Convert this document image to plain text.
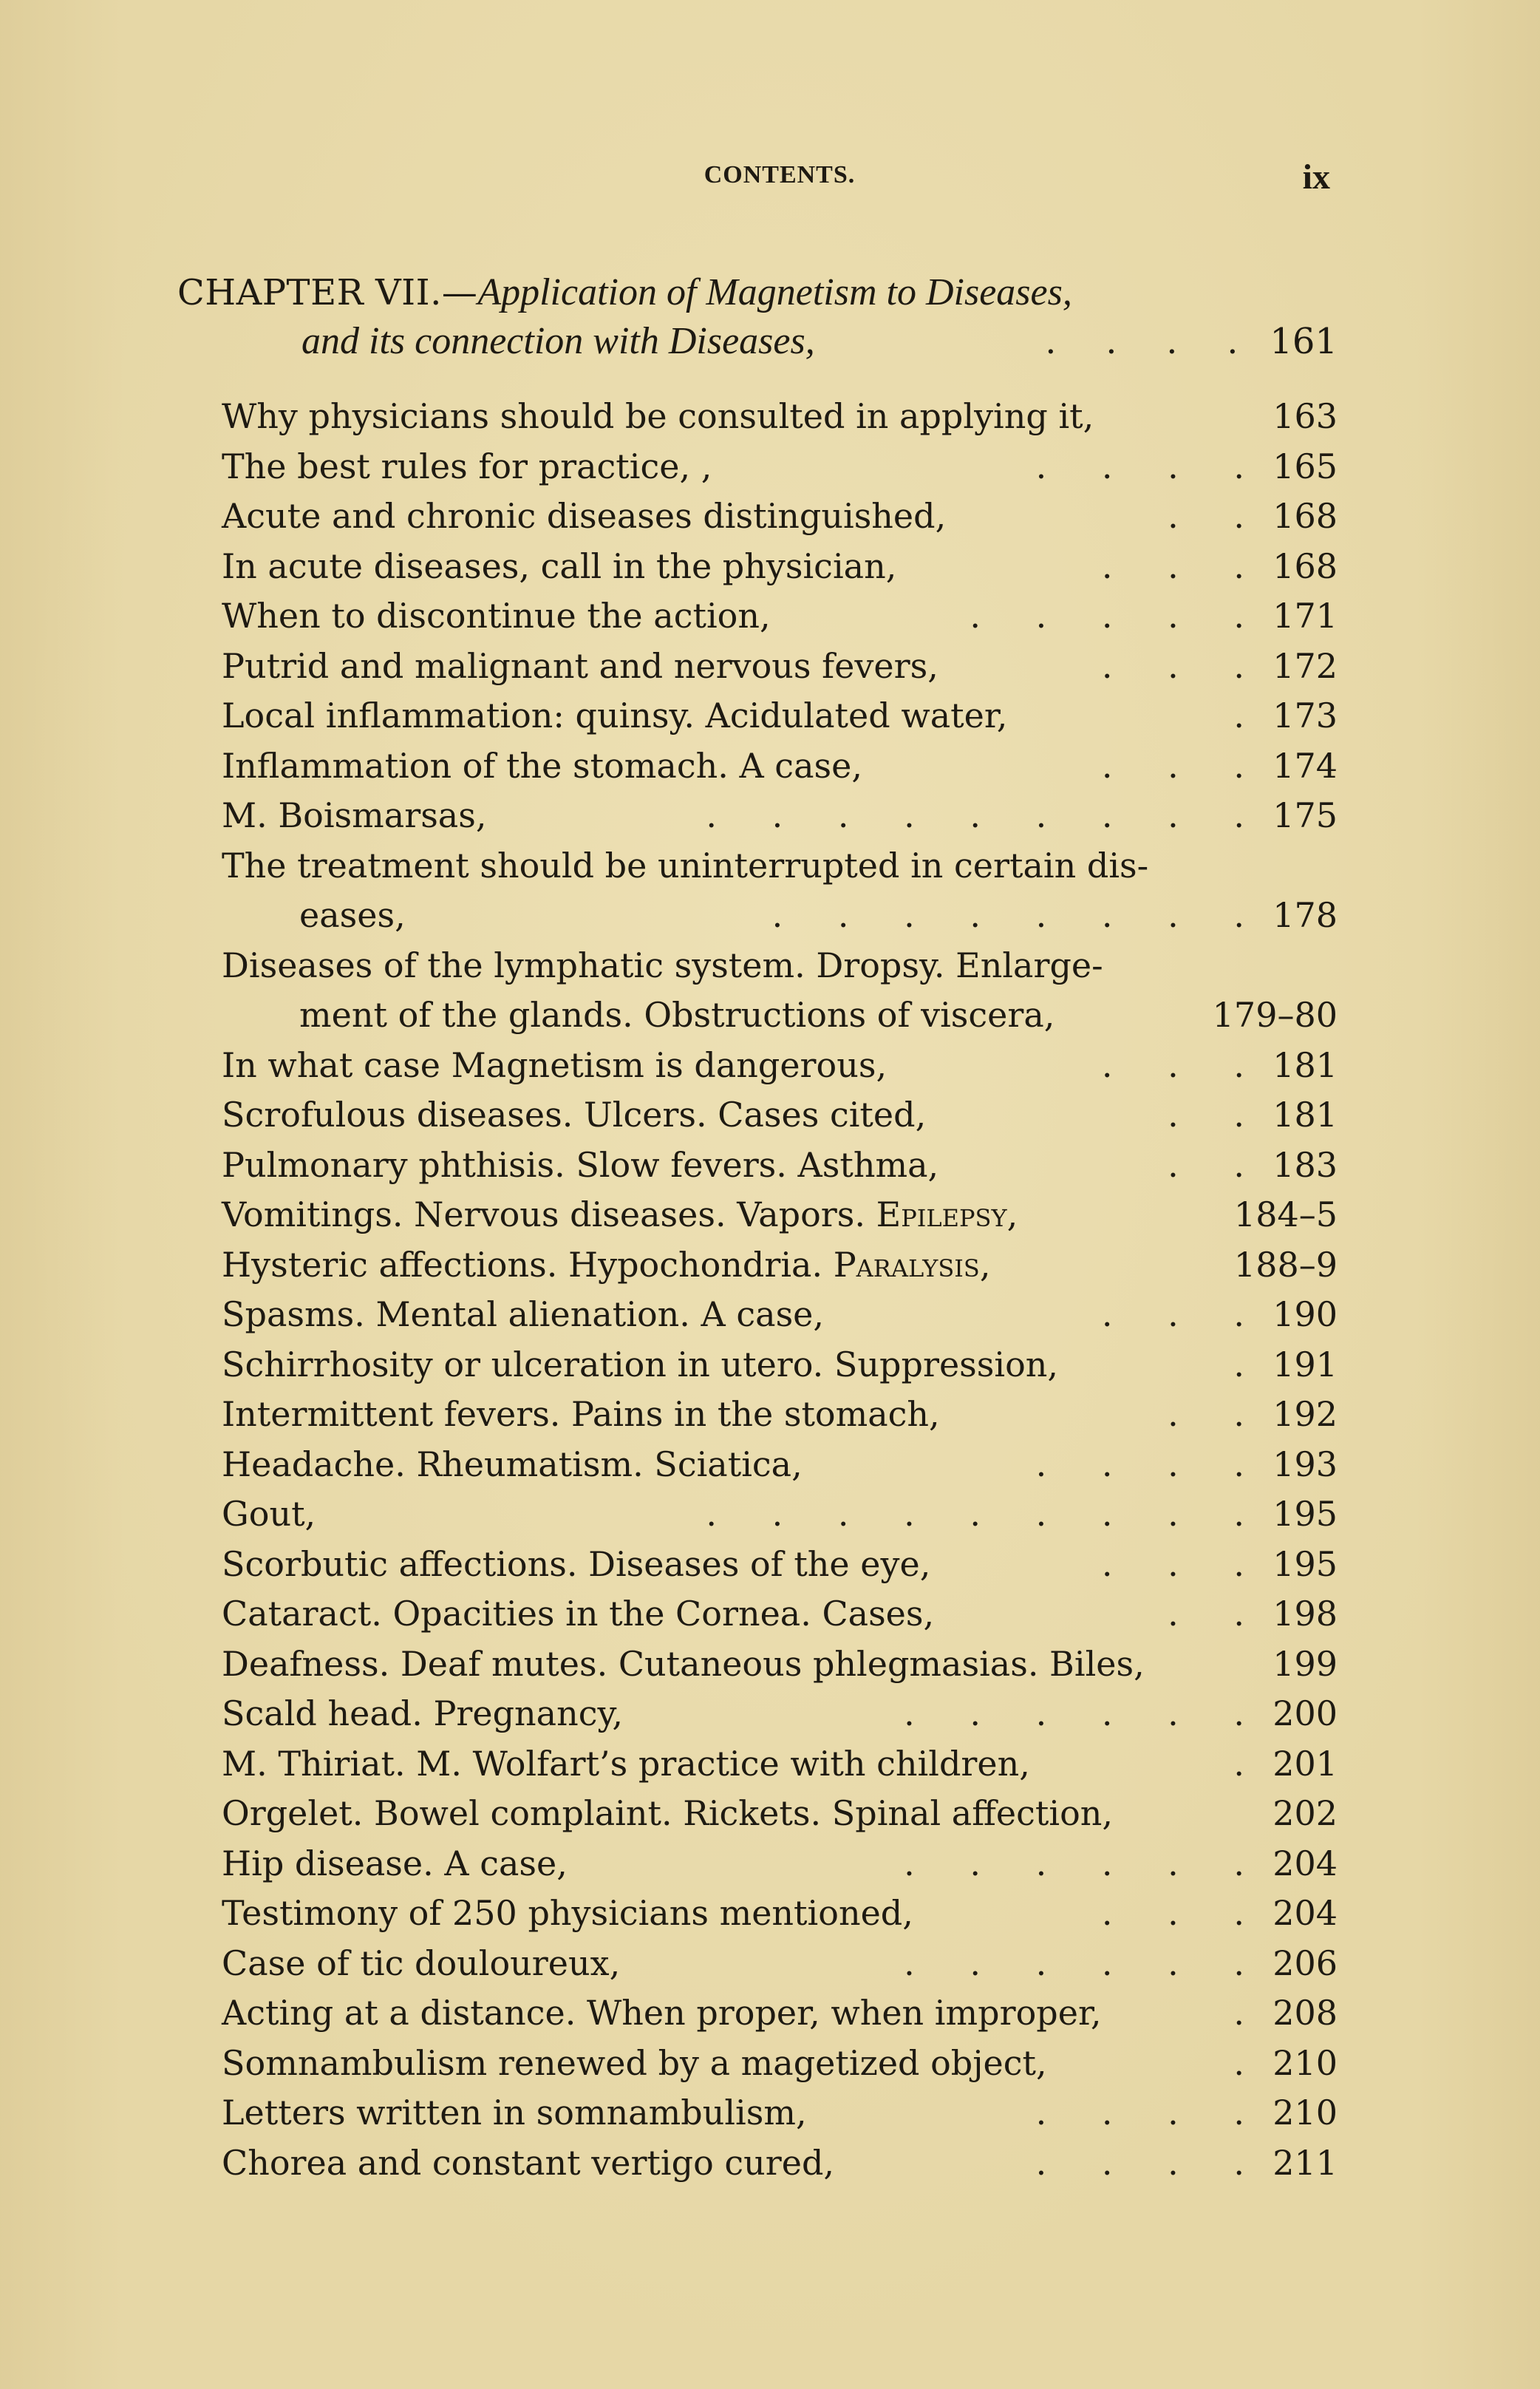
CONTENTS.	ix
CHAPTER VII.—Application of Magnetism to Diseases,
and its connection with Diseases,	. . . . 161
Why physicians should be consulted in applying it,	163
The best rules for practice, ,	. . . . 165
Acute and chronic diseases distinguished,	. . 168
In acute diseases, call in the physician,	. . . 168
When to discontinue the action,	. . . . . 171
Putrid and malignant and nervous fevers,	. . . 172
Local inflammation: quinsy. Acidulated water,	. 173
Inflammation of the stomach. A case,	. . . 174
M. Boismarsas,	. . . . . . . . . 175
The treatment should be uninterrupted in certain dis-
eases,	. . . . . . . . 178
Diseases of the lymphatic system. Dropsy. Enlarge-
ment of the glands. Obstructions of viscera,	179–80
In what case Magnetism is dangerous,	. . . 181
Scrofulous diseases. Ulcers. Cases cited,	. . 181
Pulmonary phthisis. Slow fevers. Asthma,	. . 183
Vomitings. Nervous diseases. Vapors. Epilepsy,	184–5
Hysteric affections. Hypochondria. Paralysis,	188–9
Spasms. Mental alienation. A case,	. . . 190
Schirrhosity or ulceration in utero. Suppression,	. 191
Intermittent fevers. Pains in the stomach,	. . 192
Headache. Rheumatism. Sciatica,	. . . . 193
Gout,	. . . . . . . . . 195
Scorbutic affections. Diseases of the eye,	. . . 195
Cataract. Opacities in the Cornea. Cases,	. . 198
Deafness. Deaf mutes. Cutaneous phlegmasias. Biles,	199
Scald head. Pregnancy,	. . . . . . 200
M. Thiriat. M. Wolfart’s practice with children,	. 201
Orgelet. Bowel complaint. Rickets. Spinal affection,	202
Hip disease. A case,	. . . . . . 204
Testimony of 250 physicians mentioned,	. . . 204
Case of tic douloureux,	. . . . . . 206
Acting at a distance. When proper, when improper,	. 208
Somnambulism renewed by a magetized object,	. 210
Letters written in somnambulism,	. . . . 210
Chorea and constant vertigo cured,	. . . . 211
